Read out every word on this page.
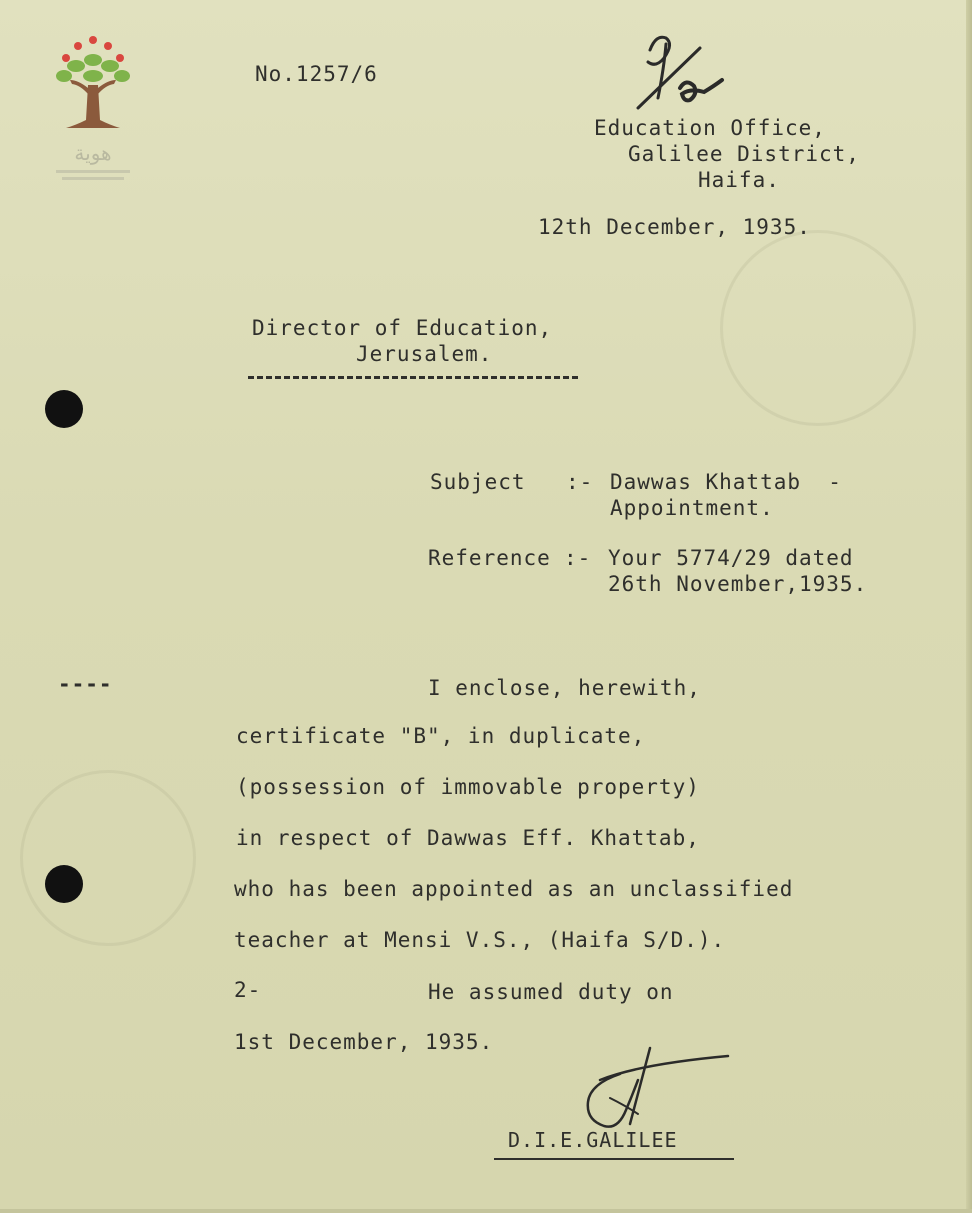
هوية
No.1257/6
Education Office,
Galilee District,
Haifa.
12th December, 1935.
Director of Education,
Jerusalem.
Subject :- Dawwas Khattab  -
Appointment.
Reference :- Your 5774/29 dated
26th November,1935.
----	I enclose, herewith,
certificate "B", in duplicate,
(possession of immovable property)
in respect of Dawwas Eff. Khattab,
who has been appointed as an unclassified
teacher at Mensi V.S., (Haifa S/D.).
2-	He assumed duty on
1st December, 1935.
D.I.E.GALILEE
